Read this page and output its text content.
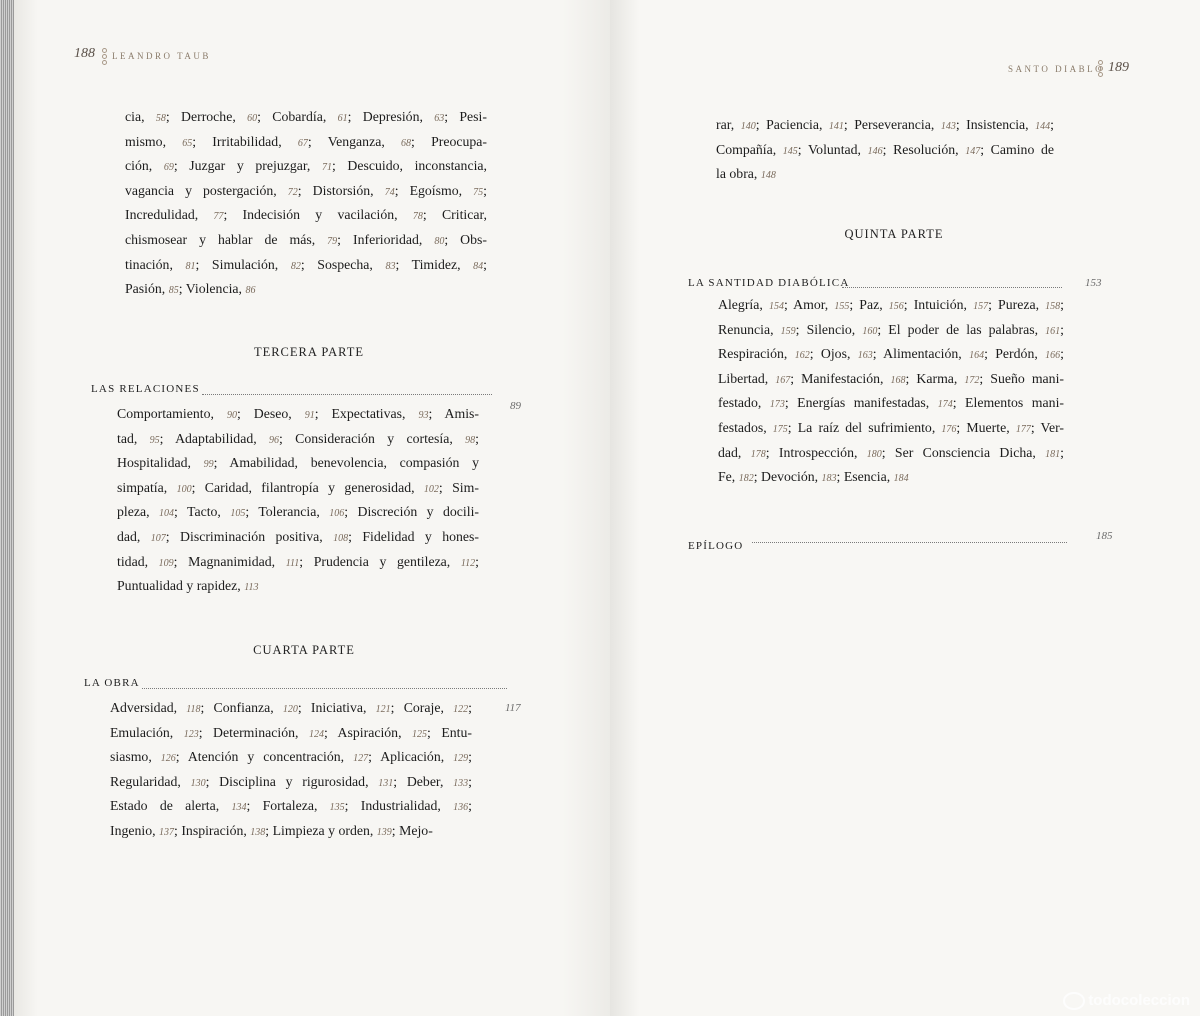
188 LEANDRO TAUB
cia, 58; Derroche, 60; Cobardía, 61; Depresión, 63; Pesi-
mismo, 65; Irritabilidad, 67; Venganza, 68; Preocupa-
ción, 69; Juzgar y prejuzgar, 71; Descuido, inconstancia,
vagancia y postergación, 72; Distorsión, 74; Egoísmo, 75;
Incredulidad, 77; Indecisión y vacilación, 78; Criticar,
chismosear y hablar de más, 79; Inferioridad, 80; Obs-
tinación, 81; Simulación, 82; Sospecha, 83; Timidez, 84;
Pasión, 85; Violencia, 86
TERCERA PARTE
LAS RELACIONES
89
Comportamiento, 90; Deseo, 91; Expectativas, 93; Amis-
tad, 95; Adaptabilidad, 96; Consideración y cortesía, 98;
Hospitalidad, 99; Amabilidad, benevolencia, compasión y
simpatía, 100; Caridad, filantropía y generosidad, 102; Sim-
pleza, 104; Tacto, 105; Tolerancia, 106; Discreción y docili-
dad, 107; Discriminación positiva, 108; Fidelidad y hones-
tidad, 109; Magnanimidad, 111; Prudencia y gentileza, 112;
Puntualidad y rapidez, 113
CUARTA PARTE
LA OBRA
117
Adversidad, 118; Confianza, 120; Iniciativa, 121; Coraje, 122;
Emulación, 123; Determinación, 124; Aspiración, 125; Entu-
siasmo, 126; Atención y concentración, 127; Aplicación, 129;
Regularidad, 130; Disciplina y rigurosidad, 131; Deber, 133;
Estado de alerta, 134; Fortaleza, 135; Industrialidad, 136;
Ingenio, 137; Inspiración, 138; Limpieza y orden, 139; Mejo-
SANTO DIABLO 189
rar, 140; Paciencia, 141; Perseverancia, 143; Insistencia, 144;
Compañía, 145; Voluntad, 146; Resolución, 147; Camino de
la obra, 148
QUINTA PARTE
LA SANTIDAD DIABÓLICA	153
Alegría, 154; Amor, 155; Paz, 156; Intuición, 157; Pureza, 158;
Renuncia, 159; Silencio, 160; El poder de las palabras, 161;
Respiración, 162; Ojos, 163; Alimentación, 164; Perdón, 166;
Libertad, 167; Manifestación, 168; Karma, 172; Sueño mani-
festado, 173; Energías manifestadas, 174; Elementos mani-
festados, 175; La raíz del sufrimiento, 176; Muerte, 177; Ver-
dad, 178; Introspección, 180; Ser Consciencia Dicha, 181;
Fe, 182; Devoción, 183; Esencia, 184
EPÍLOGO
185
todocoleccion
